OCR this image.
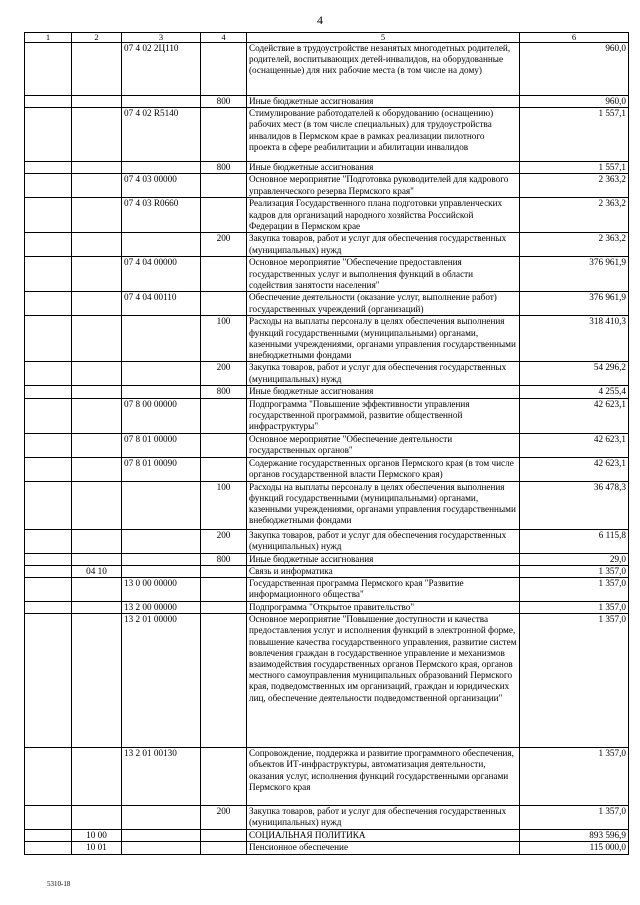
4
1	2	3	4	5	6
		07 4 02 2Ц110		Содействие в трудоустройстве незанятых многодетных родителей, родителей, воспитывающих детей-инвалидов, на оборудованные (оснащенные) для них рабочие места (в том числе на дому)	960,0
			800	Иные бюджетные ассигнования	960,0
		07 4 02 R5140		Стимулирование работодателей к оборудованию (оснащению) рабочих мест (в том числе специальных) для трудоустройства инвалидов в Пермском крае в рамках реализации пилотного проекта в сфере реабилитации и абилитации инвалидов	1 557,1
			800	Иные бюджетные ассигнования	1 557,1
		07 4 03 00000		Основное мероприятие "Подготовка руководителей для кадрового управленческого резерва Пермского края"	2 363,2
		07 4 03 R0660		Реализация Государственного плана подготовки управленческих кадров для организаций народного хозяйства Российской Федерации в Пермском крае	2 363,2
			200	Закупка товаров, работ и услуг для обеспечения государственных (муниципальных) нужд	2 363,2
		07 4 04 00000		Основное мероприятие "Обеспечение предоставления государственных услуг и выполнения функций в области содействия занятости населения"	376 961,9
		07 4 04 00110		Обеспечение деятельности (оказание услуг, выполнение работ) государственных учреждений (организаций)	376 961,9
			100	Расходы на выплаты персоналу в целях обеспечения выполнения функций государственными (муниципальными) органами, казенными учреждениями, органами управления государственными внебюджетными фондами	318 410,3
			200	Закупка товаров, работ и услуг для обеспечения государственных (муниципальных) нужд	54 296,2
			800	Иные бюджетные ассигнования	4 255,4
		07 8 00 00000		Подпрограмма "Повышение эффективности управления государственной программой, развитие общественной инфраструктуры"	42 623,1
		07 8 01 00000		Основное мероприятие "Обеспечение деятельности государственных органов"	42 623,1
		07 8 01 00090		Содержание государственных органов Пермского края (в том числе органов государственной власти Пермского края)	42 623,1
			100	Расходы на выплаты персоналу в целях обеспечения выполнения функций государственными (муниципальными) органами, казенными учреждениями, органами управления государственными внебюджетными фондами	36 478,3
			200	Закупка товаров, работ и услуг для обеспечения государственных (муниципальных) нужд	6 115,8
			800	Иные бюджетные ассигнования	29,0
	04 10			Связь и информатика	1 357,0
		13 0 00 00000		Государственная программа Пермского края "Развитие информационного общества"	1 357,0
		13 2 00 00000		Подпрограмма "Открытое правительство"	1 357,0
		13 2 01 00000		Основное мероприятие "Повышение доступности и качества предоставления услуг и исполнения функций в электронной форме, повышение качества государственного управления, развитие систем вовлечения граждан в государственное управление и механизмов взаимодействия государственных органов Пермского края, органов местного самоуправления муниципальных образований Пермского края, подведомственных им организаций, граждан и юридических лиц, обеспечение деятельности подведомственной организации"	1 357,0
		13 2 01 00130		Сопровождение, поддержка и развитие программного обеспечения, объектов ИТ-инфраструктуры, автоматизация деятельности, оказания услуг, исполнения функций государственными органами Пермского края	1 357,0
			200	Закупка товаров, работ и услуг для обеспечения государственных (муниципальных) нужд	1 357,0
	10 00			СОЦИАЛЬНАЯ ПОЛИТИКА	893 596,9
	10 01			Пенсионное обеспечение	115 000,0
5310-18
